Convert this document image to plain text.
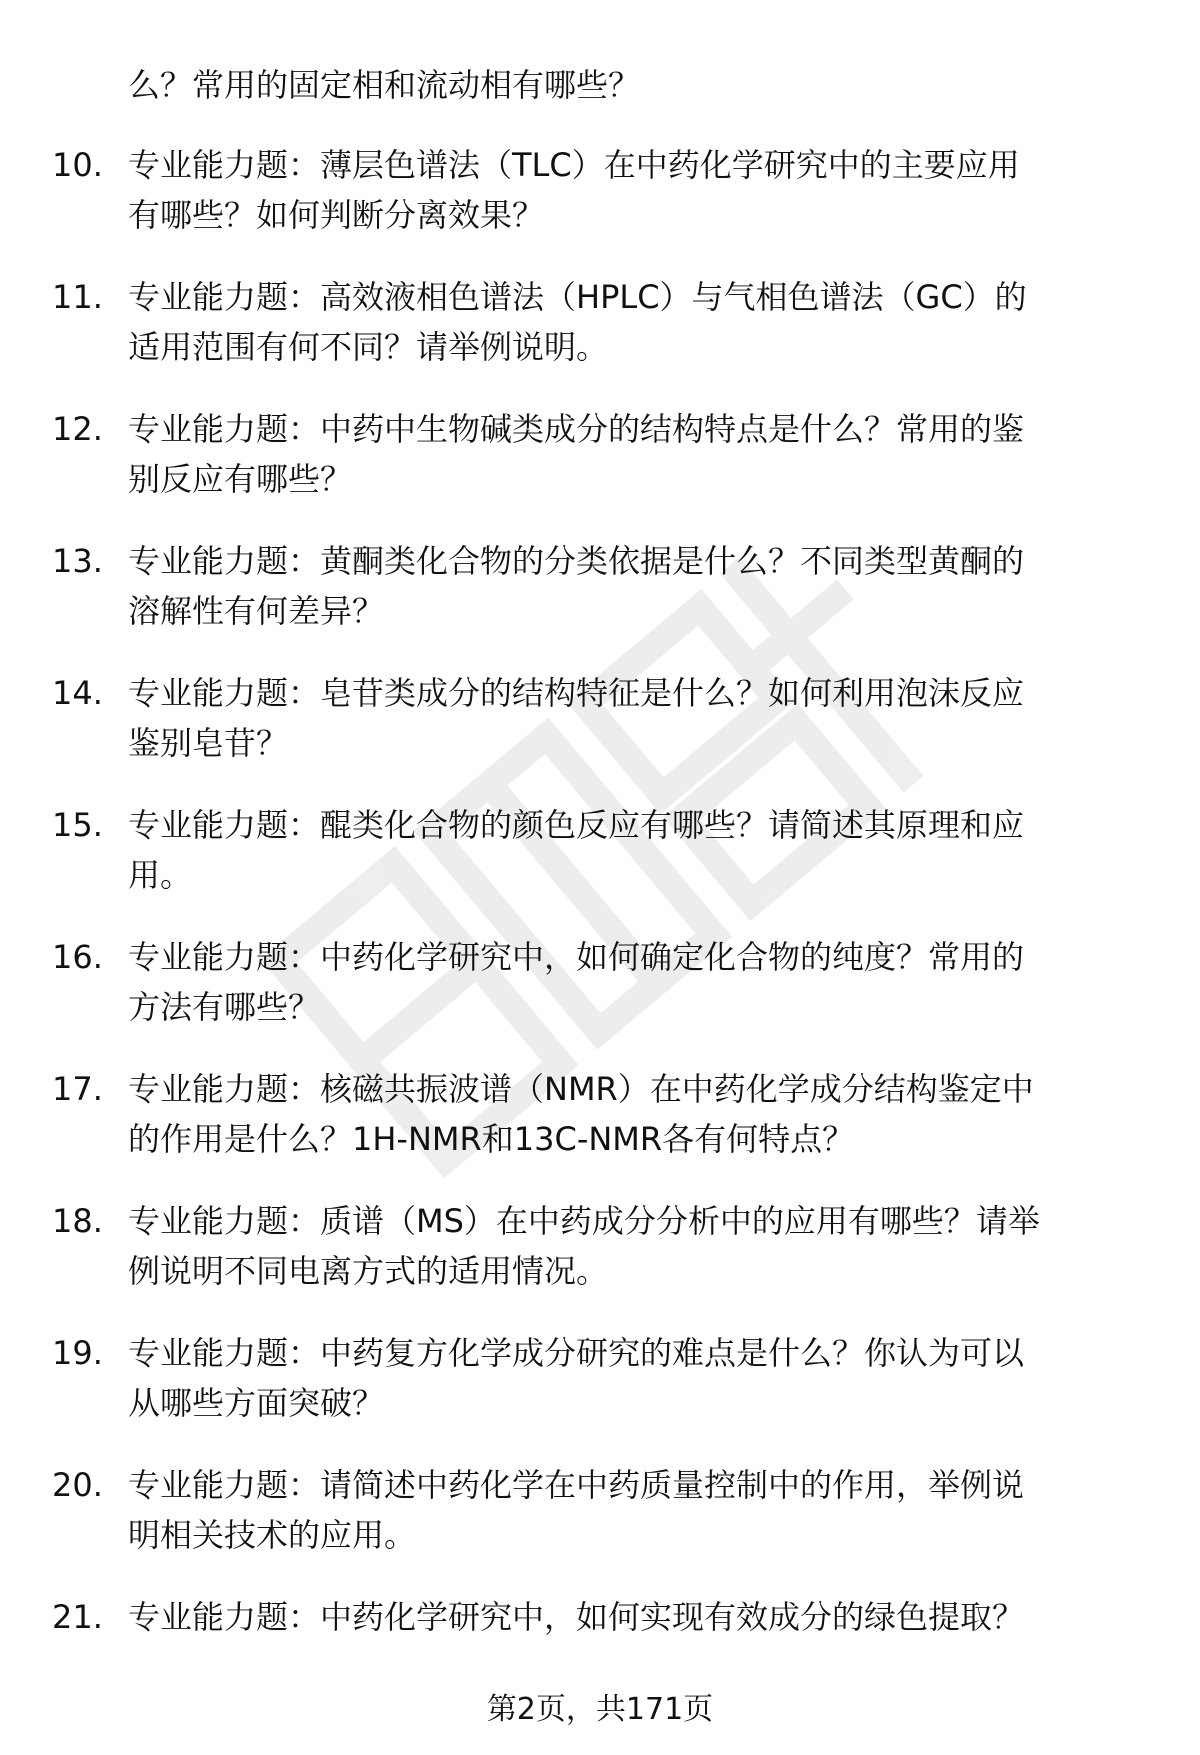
么？常用的固定相和流动相有哪些？
10. 专业能力题：薄层色谱法（TLC）在中药化学研究中的主要应用
有哪些？如何判断分离效果？
11. 专业能力题：高效液相色谱法（HPLC）与气相色谱法（GC）的
适用范围有何不同？请举例说明。
12. 专业能力题：中药中生物碱类成分的结构特点是什么？常用的鉴
别反应有哪些？
13. 专业能力题：黄酮类化合物的分类依据是什么？不同类型黄酮的
溶解性有何差异？
14. 专业能力题：皂苷类成分的结构特征是什么？如何利用泡沫反应
鉴别皂苷？
15. 专业能力题：醌类化合物的颜色反应有哪些？请简述其原理和应
用。
16. 专业能力题：中药化学研究中，如何确定化合物的纯度？常用的
方法有哪些？
17. 专业能力题：核磁共振波谱（NMR）在中药化学成分结构鉴定中
的作用是什么？1H-NMR和13C-NMR各有何特点？
18. 专业能力题：质谱（MS）在中药成分分析中的应用有哪些？请举
例说明不同电离方式的适用情况。
19. 专业能力题：中药复方化学成分研究的难点是什么？你认为可以
从哪些方面突破？
20. 专业能力题：请简述中药化学在中药质量控制中的作用，举例说
明相关技术的应用。
21. 专业能力题：中药化学研究中，如何实现有效成分的绿色提取？
第2页，共171页
